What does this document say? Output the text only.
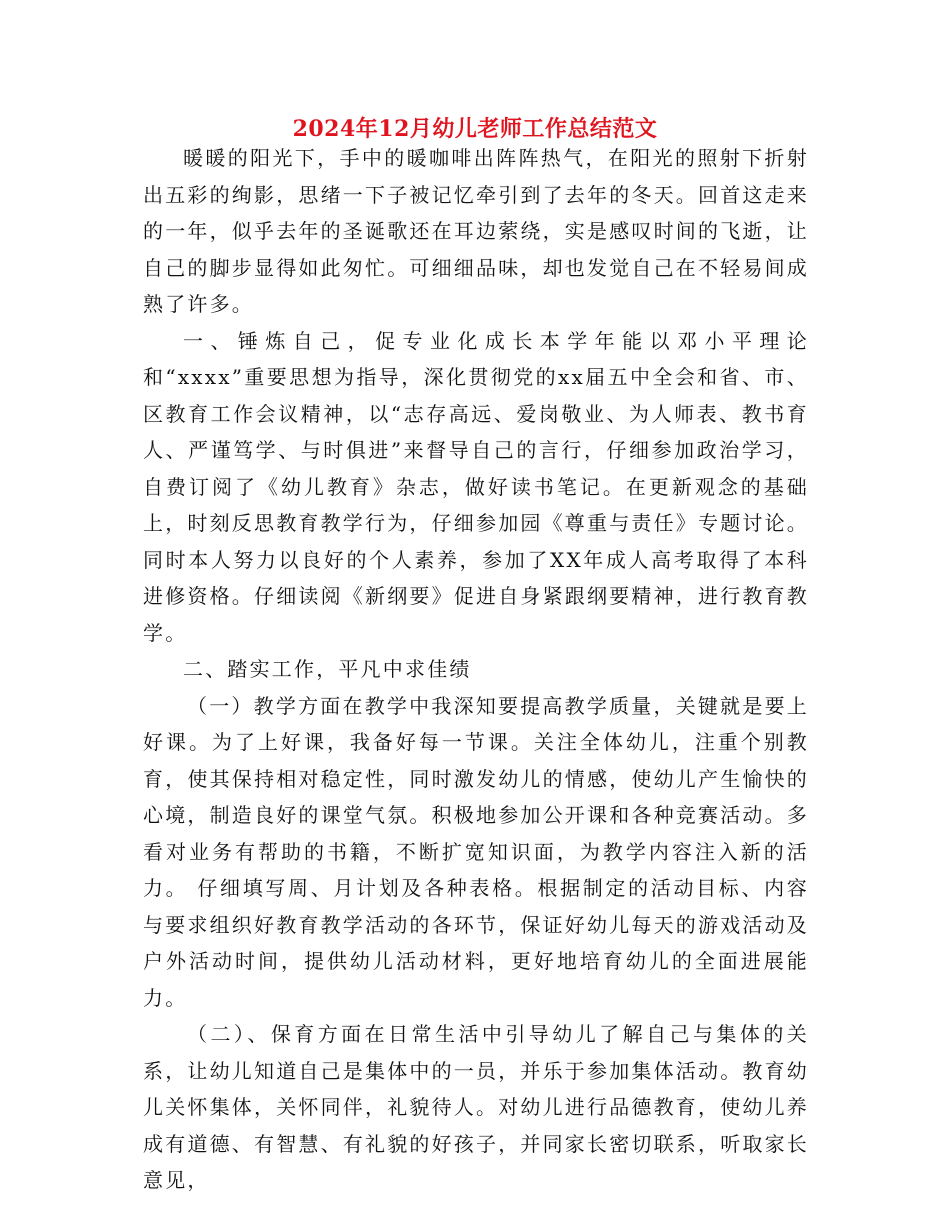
2024年12月幼儿老师工作总结范文

暖暖的阳光下，手中的暖咖啡出阵阵热气，在阳光的照射下折射出五彩的绚影，思绪一下子被记忆牵引到了去年的冬天。回首这走来的一年，似乎去年的圣诞歌还在耳边萦绕，实是感叹时间的飞逝，让自己的脚步显得如此匆忙。可细细品味，却也发觉自己在不轻易间成熟了许多。

一、锤炼自己，促专业化成长本学年能以邓小平理论和“xxxx”重要思想为指导，深化贯彻党的xx届五中全会和省、市、区教育工作会议精神，以“志存高远、爱岗敬业、为人师表、教书育人、严谨笃学、与时俱进”来督导自己的言行，仔细参加政治学习，自费订阅了《幼儿教育》杂志，做好读书笔记。在更新观念的基础上，时刻反思教育教学行为，仔细参加园《尊重与责任》专题讨论。同时本人努力以良好的个人素养，参加了XX年成人高考取得了本科进修资格。仔细读阅《新纲要》促进自身紧跟纲要精神，进行教育教学。

二、踏实工作，平凡中求佳绩

（一）教学方面在教学中我深知要提高教学质量，关键就是要上好课。为了上好课，我备好每一节课。关注全体幼儿，注重个别教育，使其保持相对稳定性，同时激发幼儿的情感，使幼儿产生愉快的心境，制造良好的课堂气氛。积极地参加公开课和各种竞赛活动。多看对业务有帮助的书籍，不断扩宽知识面，为教学内容注入新的活力。 仔细填写周、月计划及各种表格。根据制定的活动目标、内容与要求组织好教育教学活动的各环节，保证好幼儿每天的游戏活动及户外活动时间，提供幼儿活动材料，更好地培育幼儿的全面进展能力。

（二）、保育方面在日常生活中引导幼儿了解自己与集体的关系，让幼儿知道自己是集体中的一员，并乐于参加集体活动。教育幼儿关怀集体，关怀同伴，礼貌待人。对幼儿进行品德教育，使幼儿养成有道德、有智慧、有礼貌的好孩子，并同家长密切联系，听取家长意见，
